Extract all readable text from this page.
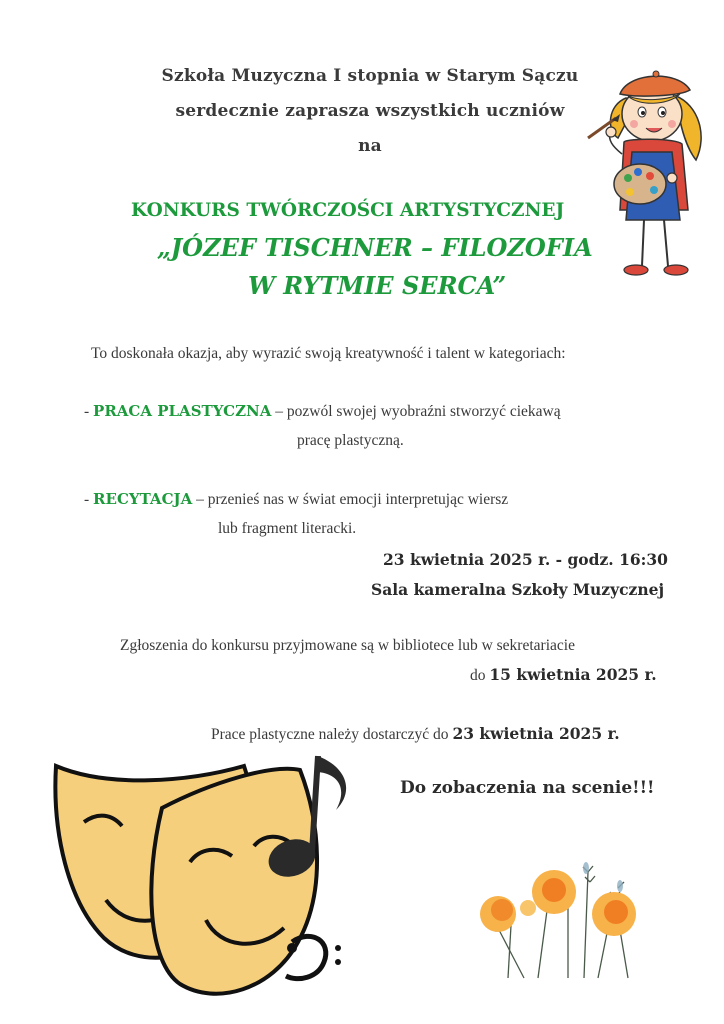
Szkoła Muzyczna I stopnia w Starym Sączu
serdecznie zaprasza wszystkich uczniów
na
KONKURS TWÓRCZOŚCI ARTYSTYCZNEJ
„JÓZEF TISCHNER – FILOZOFIA
W RYTMIE SERCA”
To doskonała okazja, aby wyrazić swoją kreatywność i talent w kategoriach:
- PRACA PLASTYCZNA – pozwól swojej wyobraźni stworzyć ciekawą
pracę plastyczną.
- RECYTACJA – przenieś nas w świat emocji interpretując wiersz
lub fragment literacki.
23 kwietnia 2025 r. - godz. 16:30
Sala kameralna Szkoły Muzycznej
Zgłoszenia do konkursu przyjmowane są w bibliotece lub w sekretariacie
do 15 kwietnia 2025 r.
Prace plastyczne należy dostarczyć do 23 kwietnia 2025 r.
Do zobaczenia na scenie!!!
